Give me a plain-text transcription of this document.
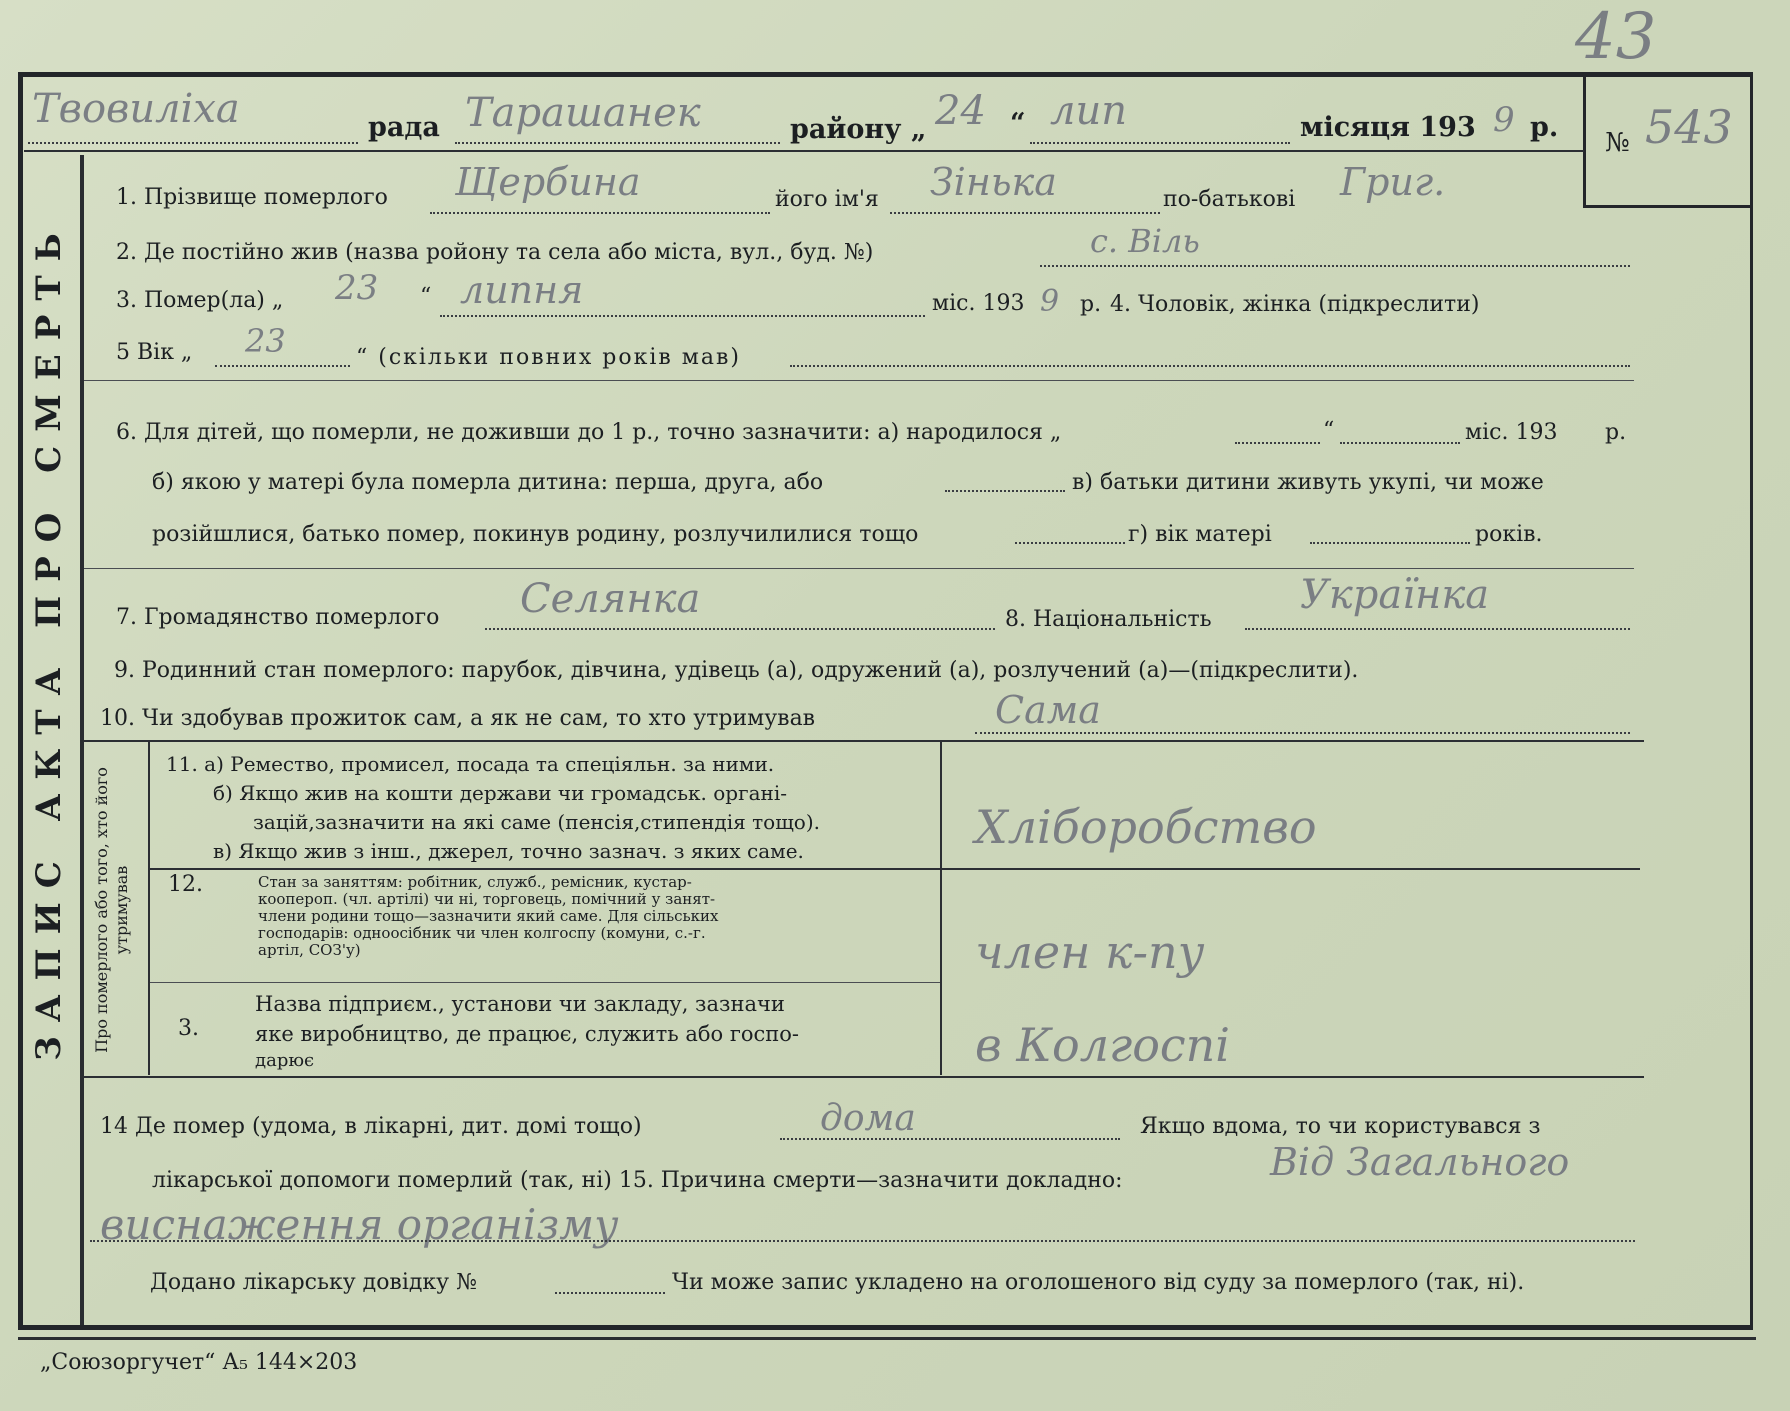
43
ЗАПИС АКТА ПРО СМЕРТЬ
Твовиліха	рада Тарашанек	району „ 24 “ лип	місяця 193 9 р. № 543
1. Прізвище померлого Щербина	його ім'я Зінька	по-батькові Григ.
2. Де постійно жив (назва ройону та села або міста, вул., буд. №)	с. Віль
3. Помер(ла) „ 23 “ липня	міс. 193 9 р. 4. Чоловік, жінка (підкреслити)
5 Вік „ 23	“ (скільки повних років мав)
6. Для дітей, що померли, не доживши до 1 р., точно зазначити: а) народилося „	“	міс. 193 р.
б) якою у матері була померла дитина: перша, друга, або	в) батьки дитини живуть укупі, чи може
розійшлися, батько помер, покинув родину, розлучилилися тощо	г) вік матері	років.
7. Громадянство померлого Селянка	8. Національність
Українка
9. Родинний стан померлого: парубок, дівчина, удівець (а), одружений (а), розлучений (а)—(підкреслити).
10. Чи здобував прожиток сам, а як не сам, то хто утримував	Сама
Про померлого або того, хто його утримував
11. а) Ремество, промисел, посада та спеціяльн. за ними.
б) Якщо жив на кошти держави чи громадськ. органі-
зацій,зазначити на які саме (пенсія,стипендія тощо).
в) Якщо жив з інш., джерел, точно зазнач. з яких саме.	Хліборобство
12.	Стан за заняттям: робітник, служб., ремісник, кустар-
коопероп. (чл. артілі) чи ні, торговець, помічний у занят-
члени родини тощо—зазначити який саме. Для сільських
господарів: одноосібник чи член колгоспу (комуни, с.-г.
артіл, СОЗ'у)	член к-пу
3.
Назва підприєм., установи чи закладу, зазначи
яке виробництво, де працює, служить або госпо-
дарює	в Колгоспі
14 Де помер (удома, в лікарні, дит. домі тощо)	дома	Якщо вдома, то чи користувався з
лікарської допомоги померлий (так, ні) 15. Причина смерти—зазначити докладно:	Від Загального
виснаження організму
Додано лікарську довідку №	Чи може запис укладено на оголошеного від суду за померлого (так, ні).
„Союзоргучет“ А₅ 144×203
